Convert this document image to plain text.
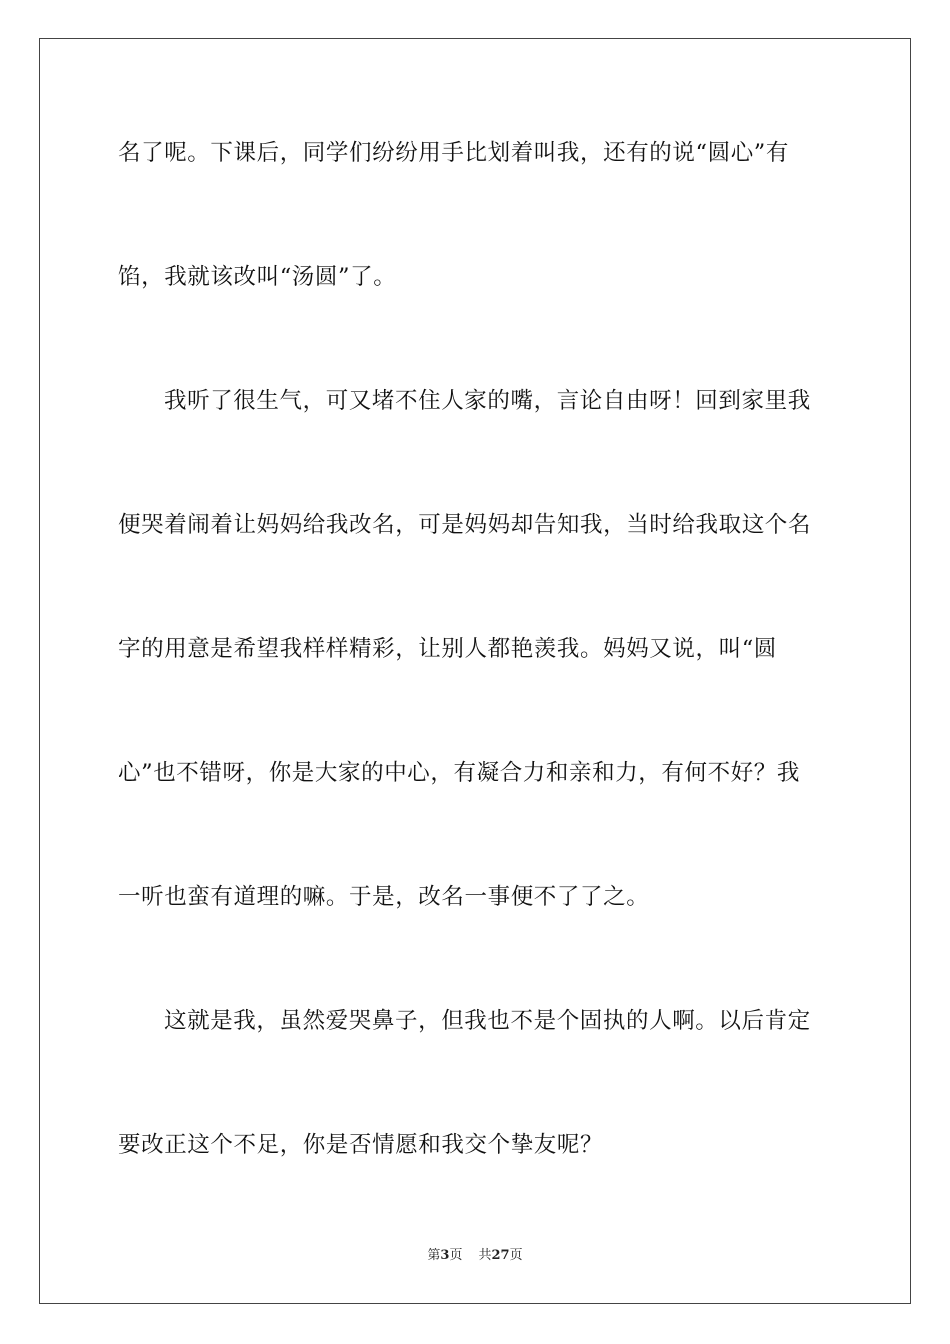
名了呢。下课后，同学们纷纷用手比划着叫我，还有的说“圆心”有
馅，我就该改叫“汤圆”了。
我听了很生气，可又堵不住人家的嘴，言论自由呀！回到家里我
便哭着闹着让妈妈给我改名，可是妈妈却告知我，当时给我取这个名
字的用意是希望我样样精彩，让别人都艳羡我。妈妈又说，叫“圆
心”也不错呀，你是大家的中心，有凝合力和亲和力，有何不好？我
一听也蛮有道理的嘛。于是，改名一事便不了了之。
这就是我，虽然爱哭鼻子，但我也不是个固执的人啊。以后肯定
要改正这个不足，你是否情愿和我交个挚友呢？
第3页 共27页
